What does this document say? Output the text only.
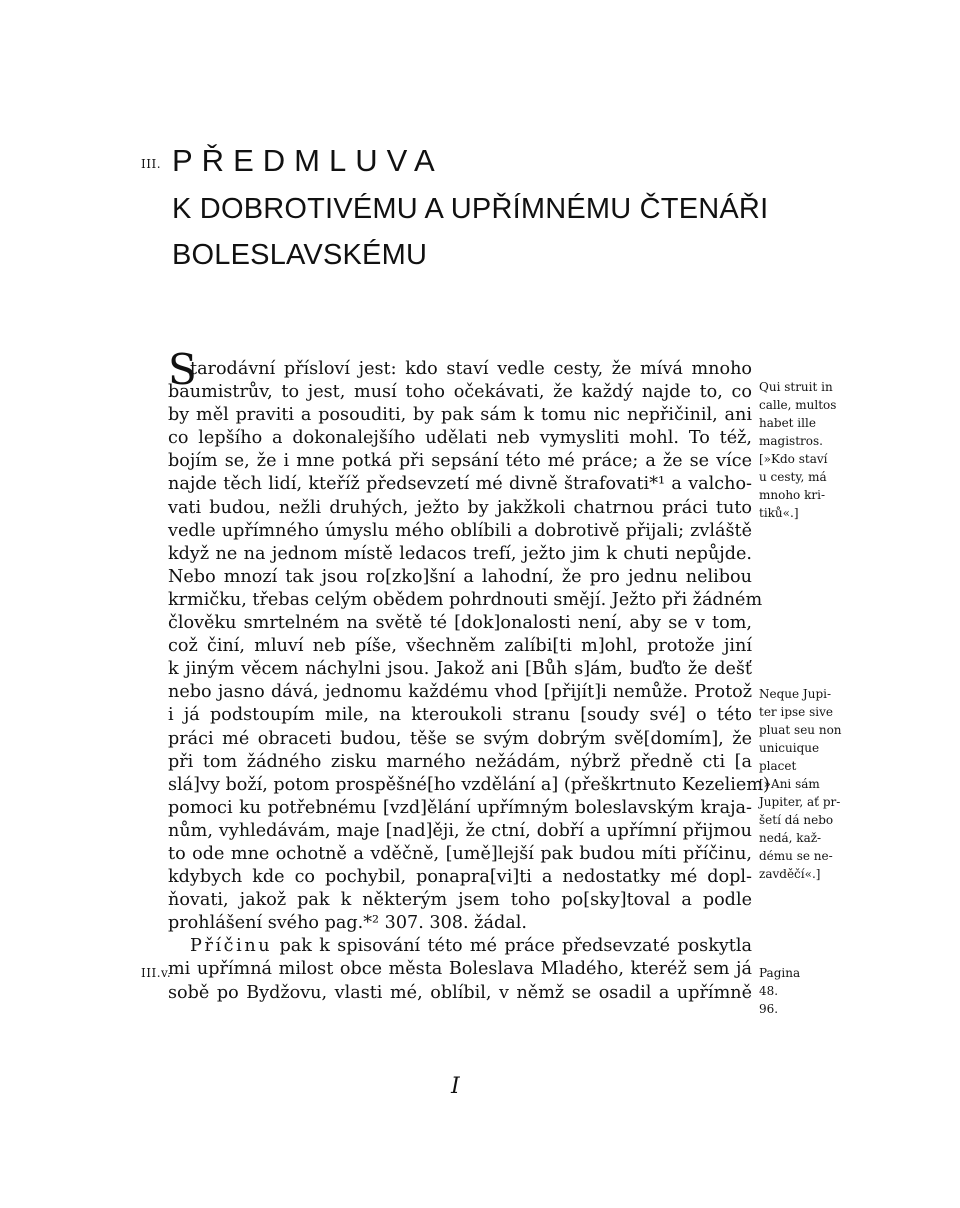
III.
III.v.
PŘEDMLUVA
K DOBROTIVÉMU A UPŘÍMNÉMU ČTENÁŘI
BOLESLAVSKÉMU
S
tarodávní přísloví jest: kdo staví vedle cesty, že mívá mnoho
baumistrův, to jest, musí toho očekávati, že každý najde to, co
by měl praviti a posouditi, by pak sám k tomu nic nepřičinil, ani
co lepšího a dokonalejšího udělati neb vymysliti mohl. To též,
bojím se, že i mne potká při sepsání této mé práce; a že se více
najde těch lidí, kteříž předsevzetí mé divně štrafovati*¹ a valcho-
vati budou, nežli druhých, ježto by jakžkoli chatrnou práci tuto
vedle upřímného úmyslu mého oblíbili a dobrotivě přijali; zvláště
když ne na jednom místě ledacos trefí, ježto jim k chuti nepůjde.
Nebo mnozí tak jsou ro[zko]šní a lahodní, že pro jednu nelibou
krmičku, třebas celým obědem pohrdnouti smějí. Ježto při žádném
člověku smrtelném na světě té [dok]onalosti není, aby se v tom,
což činí, mluví neb píše, všechněm zalíbi[ti m]ohl, protože jiní
k jiným věcem náchylni jsou. Jakož ani [Bůh s]ám, buďto že dešť
nebo jasno dává, jednomu každému vhod [přijít]i nemůže. Protož
i já podstoupím mile, na kteroukoli stranu [soudy své] o této
práci mé obraceti budou, těše se svým dobrým svě[domím], že
při tom žádného zisku marného nežádám, nýbrž předně cti [a
slá]vy boží, potom prospěšné[ho vzdělání a] (přeškrtnuto Kezeliem)
pomoci ku potřebnému [vzd]ělání upřímným boleslavským kraja-
nům, vyhledávám, maje [nad]ěji, že ctní, dobří a upřímní přijmou
to ode mne ochotně a vděčně, [umě]lejší pak budou míti příčinu,
kdybych kde co pochybil, ponapra[vi]ti a nedostatky mé dopl-
ňovati, jakož pak k některým jsem toho po[sky]toval a podle
prohlášení svého pag.*² 307. 308. žádal.
Příčinu pak k spisování této mé práce předsevzaté poskytla
mi upřímná milost obce města Boleslava Mladého, kteréž sem já
sobě po Bydžovu, vlasti mé, oblíbil, v němž se osadil a upřímně
Qui struit in
calle, multos
habet ille
magistros.
[»Kdo staví
u cesty, má
mnoho kri-
tiků«.]
Neque Jupi-
ter ipse sive
pluat seu non
unicuique
placet
[»Ani sám
Jupiter, ať pr-
šetí dá nebo
nedá, kaž-
dému se ne-
zavděčí«.]
Pagina
48.
96.
I
